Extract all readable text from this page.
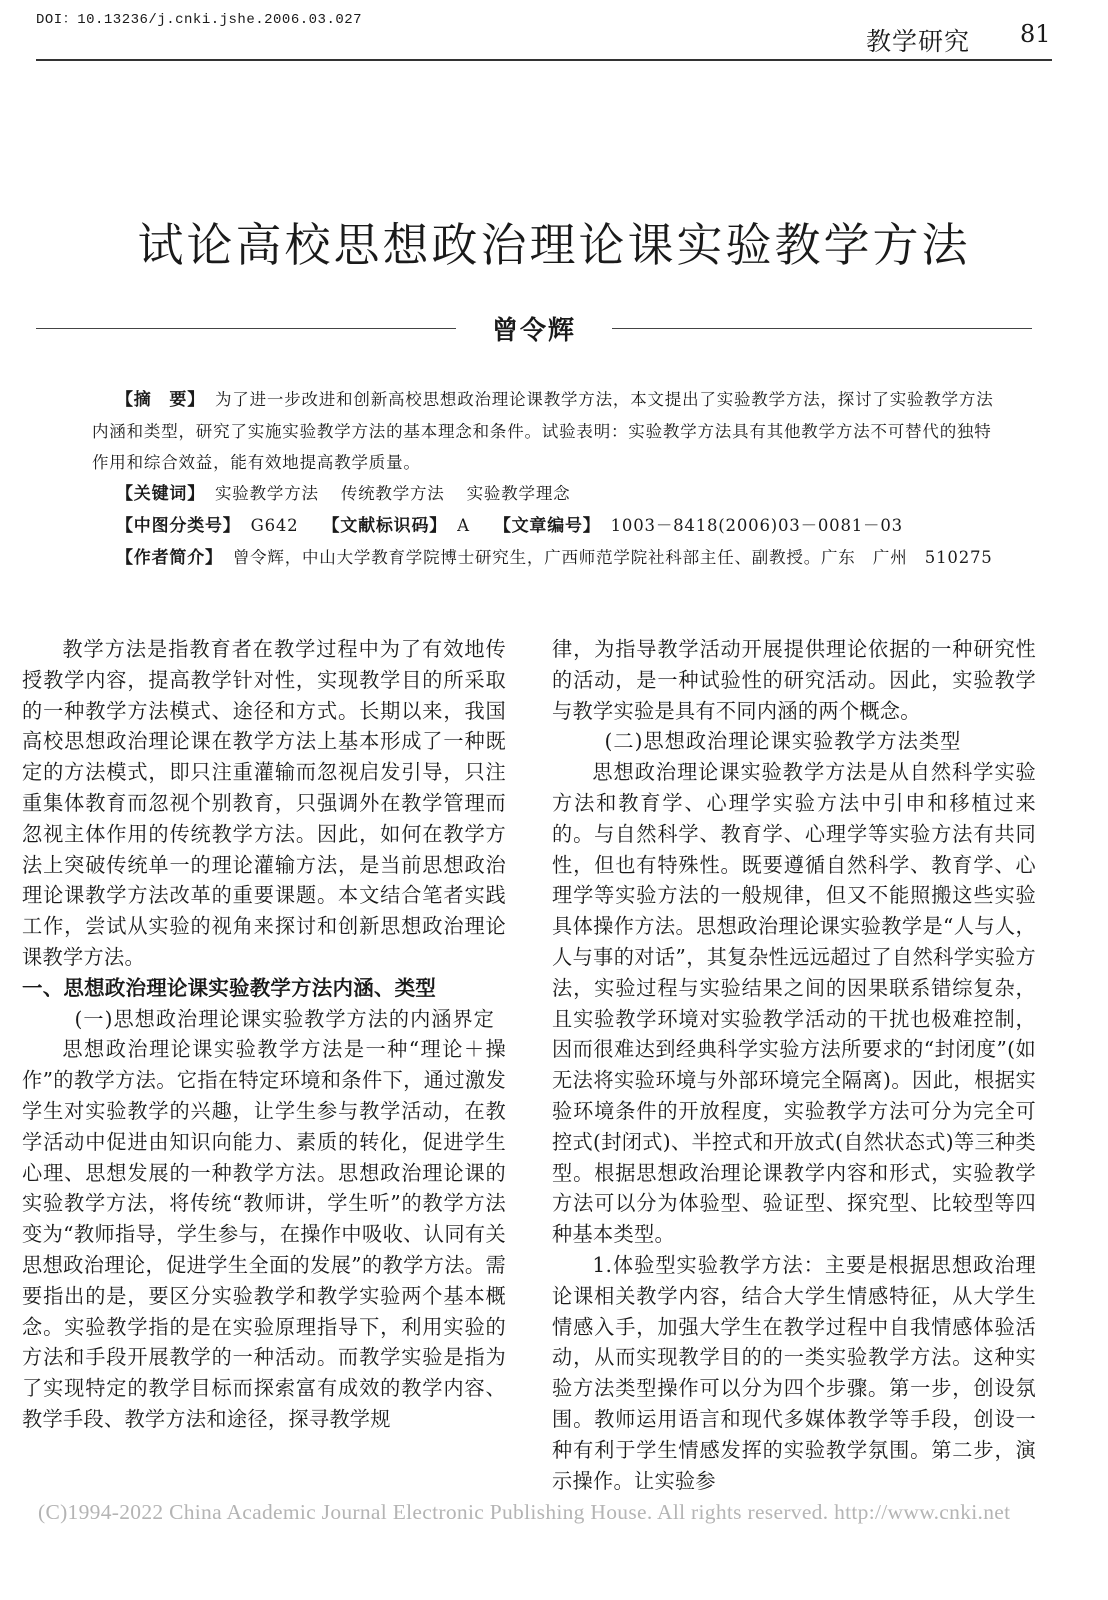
DOI：10.13236/j.cnki.jshe.2006.03.027
教学研究 81
试论高校思想政治理论课实验教学方法
曾令辉
【摘　要】 为了进一步改进和创新高校思想政治理论课教学方法，本文提出了实验教学方法，探讨了实验教学方法内涵和类型，研究了实施实验教学方法的基本理念和条件。试验表明：实验教学方法具有其他教学方法不可替代的独特作用和综合效益，能有效地提高教学质量。
【关键词】 实验教学方法 传统教学方法 实验教学理念
【中图分类号】 G642 【文献标识码】 A 【文章编号】 1003－8418(2006)03－0081－03
【作者简介】 曾令辉，中山大学教育学院博士研究生，广西师范学院社科部主任、副教授。广东　广州　510275

教学方法是指教育者在教学过程中为了有效地传授教学内容，提高教学针对性，实现教学目的所采取的一种教学方法模式、途径和方式。长期以来，我国高校思想政治理论课在教学方法上基本形成了一种既定的方法模式，即只注重灌输而忽视启发引导，只注重集体教育而忽视个别教育，只强调外在教学管理而忽视主体作用的传统教学方法。因此，如何在教学方法上突破传统单一的理论灌输方法，是当前思想政治理论课教学方法改革的重要课题。本文结合笔者实践工作，尝试从实验的视角来探讨和创新思想政治理论课教学方法。

一、思想政治理论课实验教学方法内涵、类型
(一)思想政治理论课实验教学方法的内涵界定

思想政治理论课实验教学方法是一种“理论＋操作”的教学方法。它指在特定环境和条件下，通过激发学生对实验教学的兴趣，让学生参与教学活动，在教学活动中促进由知识向能力、素质的转化，促进学生心理、思想发展的一种教学方法。思想政治理论课的实验教学方法，将传统“教师讲，学生听”的教学方法变为“教师指导，学生参与，在操作中吸收、认同有关思想政治理论，促进学生全面的发展”的教学方法。需要指出的是，要区分实验教学和教学实验两个基本概念。实验教学指的是在实验原理指导下，利用实验的方法和手段开展教学的一种活动。而教学实验是指为了实现特定的教学目标而探索富有成效的教学内容、教学手段、教学方法和途径，探寻教学规

律，为指导教学活动开展提供理论依据的一种研究性的活动，是一种试验性的研究活动。因此，实验教学与教学实验是具有不同内涵的两个概念。

(二)思想政治理论课实验教学方法类型

思想政治理论课实验教学方法是从自然科学实验方法和教育学、心理学实验方法中引申和移植过来的。与自然科学、教育学、心理学等实验方法有共同性，但也有特殊性。既要遵循自然科学、教育学、心理学等实验方法的一般规律，但又不能照搬这些实验具体操作方法。思想政治理论课实验教学是“人与人，人与事的对话”，其复杂性远远超过了自然科学实验方法，实验过程与实验结果之间的因果联系错综复杂，且实验教学环境对实验教学活动的干扰也极难控制，因而很难达到经典科学实验方法所要求的“封闭度”(如无法将实验环境与外部环境完全隔离)。因此，根据实验环境条件的开放程度，实验教学方法可分为完全可控式(封闭式)、半控式和开放式(自然状态式)等三种类型。根据思想政治理论课教学内容和形式，实验教学方法可以分为体验型、验证型、探究型、比较型等四种基本类型。

1.体验型实验教学方法：主要是根据思想政治理论课相关教学内容，结合大学生情感特征，从大学生情感入手，加强大学生在教学过程中自我情感体验活动，从而实现教学目的的一类实验教学方法。这种实验方法类型操作可以分为四个步骤。第一步，创设氛围。教师运用语言和现代多媒体教学等手段，创设一种有利于学生情感发挥的实验教学氛围。第二步，演示操作。让实验参

(C)1994-2022 China Academic Journal Electronic Publishing House. All rights reserved. http://www.cnki.net
